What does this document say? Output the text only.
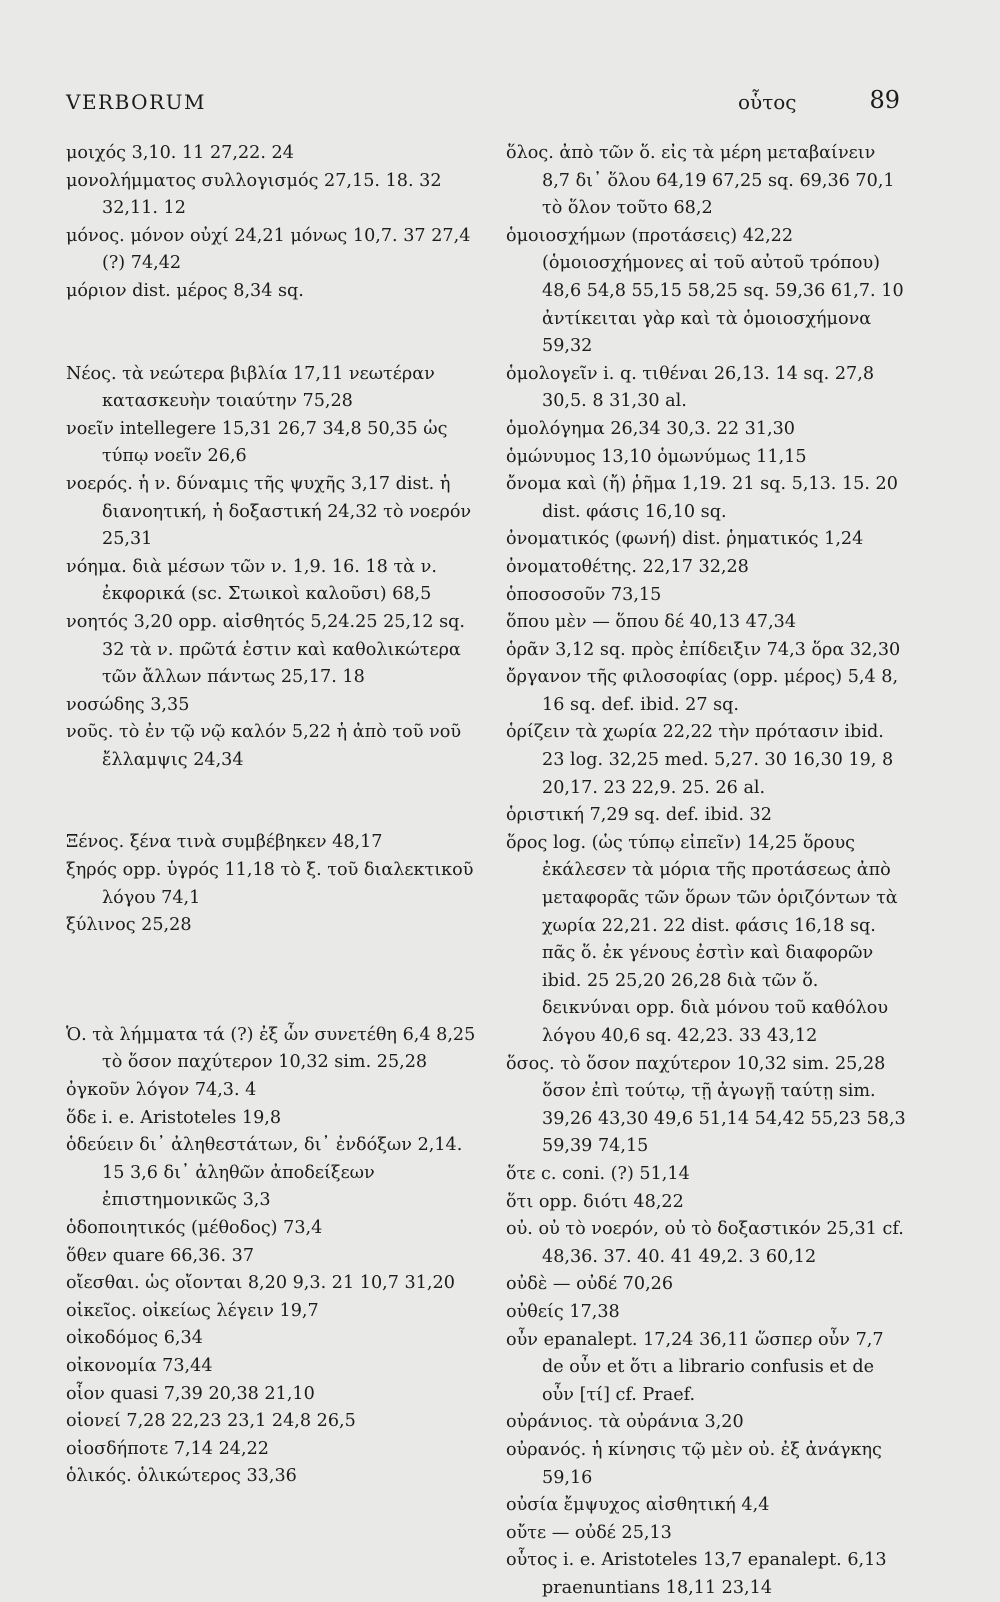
VERBORUM	οὗτος	89

μοιχός 3,10. 11 27,22. 24

μονολήμματος συλλογισμός 27,15. 18. 32 32,11. 12

μόνος. μόνον οὐχί 24,21 μόνως 10,7. 37 27,4 (?) 74,42

μόριον dist. μέρος 8,34 sq.

Νέος. τὰ νεώτερα βιβλία 17,11 νεωτέραν κατασκευὴν τοιαύτην 75,28

νοεῖν intellegere 15,31 26,7 34,8 50,35 ὡς τύπῳ νοεῖν 26,6

νοερός. ἡ ν. δύναμις τῆς ψυχῆς 3,17 dist. ἡ διανοητική, ἡ δοξαστική 24,32 τὸ νοερόν 25,31

νόημα. διὰ μέσων τῶν ν. 1,9. 16. 18 τὰ ν. ἐκφορικά (sc. Στωικοὶ καλοῦσι) 68,5

νοητός 3,20 opp. αἰσθητός 5,24.25 25,12 sq. 32 τὰ ν. πρῶτά ἐστιν καὶ καθολικώτερα τῶν ἄλλων πάντως 25,17. 18

νοσώδης 3,35

νοῦς. τὸ ἐν τῷ νῷ καλόν 5,22 ἡ ἀπὸ τοῦ νοῦ ἔλλαμψις 24,34

Ξένος. ξένα τινὰ συμβέβηκεν 48,17

ξηρός opp. ὑγρός 11,18 τὸ ξ. τοῦ διαλεκτικοῦ λόγου 74,1

ξύλινος 25,28

Ὁ. τὰ λήμματα τά (?) ἐξ ὧν συνετέθη 6,4 8,25 τὸ ὅσον παχύτερον 10,32 sim. 25,28

ὀγκοῦν λόγον 74,3. 4

ὅδε i. e. Aristoteles 19,8

ὁδεύειν δι᾽ ἀληθεστάτων, δι᾽ ἐνδόξων 2,14. 15 3,6 δι᾽ ἀληθῶν ἀποδείξεων ἐπιστημονικῶς 3,3

ὁδοποιητικός (μέθοδος) 73,4

ὅθεν quare 66,36. 37

οἴεσθαι. ὡς οἴονται 8,20 9,3. 21 10,7 31,20

οἰκεῖος. οἰκείως λέγειν 19,7

οἰκοδόμος 6,34

οἰκονομία 73,44

οἷον quasi 7,39 20,38 21,10

οἱονεί 7,28 22,23 23,1 24,8 26,5

οἱοσδήποτε 7,14 24,22

ὁλικός. ὁλικώτερος 33,36

ὅλος. ἀπὸ τῶν ὅ. εἰς τὰ μέρη μεταβαίνειν 8,7 δι᾽ ὅλου 64,19 67,25 sq. 69,36 70,1 τὸ ὅλον τοῦτο 68,2

ὁμοιοσχήμων (προτάσεις) 42,22 (ὁμοιοσχήμονες αἱ τοῦ αὐτοῦ τρόπου) 48,6 54,8 55,15 58,25 sq. 59,36 61,7. 10 ἀντίκειται γὰρ καὶ τὰ ὁμοιοσχήμονα 59,32

ὁμολογεῖν i. q. τιθέναι 26,13. 14 sq. 27,8 30,5. 8 31,30 al.

ὁμολόγημα 26,34 30,3. 22 31,30

ὁμώνυμος 13,10 ὁμωνύμως 11,15

ὄνομα καὶ (ἤ) ῥῆμα 1,19. 21 sq. 5,13. 15. 20 dist. φάσις 16,10 sq.

ὀνοματικός (φωνή) dist. ῥηματικός 1,24

ὀνοματοθέτης. 22,17 32,28

ὁποσοσοῦν 73,15

ὅπου μὲν — ὅπου δέ 40,13 47,34

ὁρᾶν 3,12 sq. πρὸς ἐπίδειξιν 74,3 ὅρα 32,30

ὄργανον τῆς φιλοσοφίας (opp. μέρος) 5,4 8, 16 sq. def. ibid. 27 sq.

ὁρίζειν τὰ χωρία 22,22 τὴν πρότασιν ibid. 23 log. 32,25 med. 5,27. 30 16,30 19, 8 20,17. 23 22,9. 25. 26 al.

ὁριστική 7,29 sq. def. ibid. 32

ὅρος log. (ὡς τύπῳ εἰπεῖν) 14,25 ὅρους ἐκάλεσεν τὰ μόρια τῆς προτάσεως ἀπὸ μεταφορᾶς τῶν ὅρων τῶν ὁριζόντων τὰ χωρία 22,21. 22 dist. φάσις 16,18 sq. πᾶς ὅ. ἐκ γένους ἐστὶν καὶ διαφορῶν ibid. 25 25,20 26,28 διὰ τῶν ὅ. δεικνύναι opp. διὰ μόνου τοῦ καθόλου λόγου 40,6 sq. 42,23. 33 43,12

ὅσος. τὸ ὅσον παχύτερον 10,32 sim. 25,28 ὅσον ἐπὶ τούτῳ, τῇ ἀγωγῇ ταύτῃ sim. 39,26 43,30 49,6 51,14 54,42 55,23 58,3 59,39 74,15

ὅτε c. coni. (?) 51,14

ὅτι opp. διότι 48,22

οὐ. οὐ τὸ νοερόν, οὐ τὸ δοξαστικόν 25,31 cf. 48,36. 37. 40. 41 49,2. 3 60,12

οὐδὲ — οὐδέ 70,26

οὐθείς 17,38

οὖν epanalept. 17,24 36,11 ὥσπερ οὖν 7,7 de οὖν et ὅτι a librario confusis et de οὖν [τί] cf. Praef.

οὐράνιος. τὰ οὐράνια 3,20

οὐρανός. ἡ κίνησις τῷ μὲν οὐ. ἐξ ἀνάγκης 59,16

οὐσία ἔμψυχος αἰσθητική 4,4

οὔτε — οὐδέ 25,13

οὗτος i. e. Aristoteles 13,7 epanalept. 6,13 praenuntians 18,11 23,14
